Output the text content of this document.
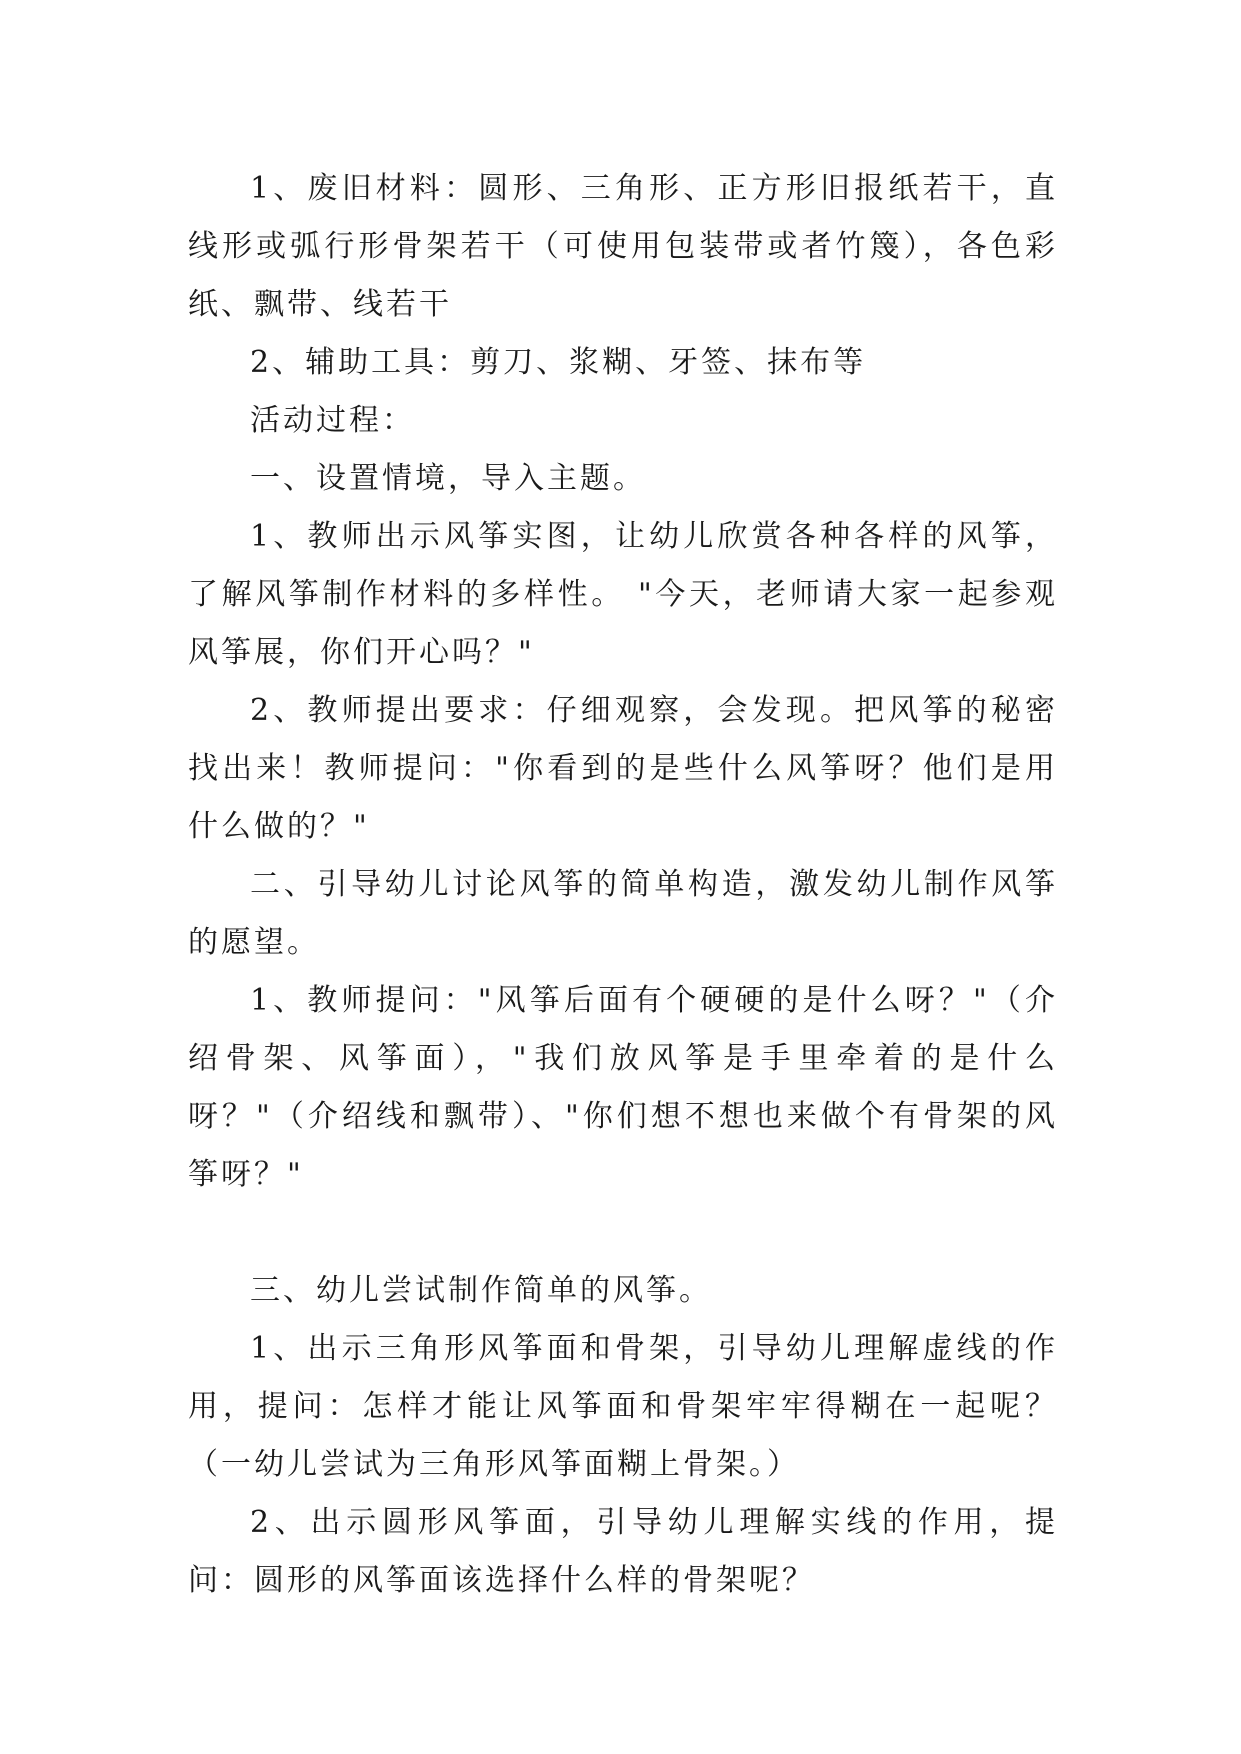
1、废旧材料：圆形、三角形、正方形旧报纸若干，直线形或弧行形骨架若干（可使用包装带或者竹篾），各色彩纸、飘带、线若干

2、辅助工具：剪刀、浆糊、牙签、抹布等

活动过程：

一、设置情境，导入主题。

1、教师出示风筝实图，让幼儿欣赏各种各样的风筝，了解风筝制作材料的多样性。 "今天，老师请大家一起参观风筝展，你们开心吗？"

2、教师提出要求：仔细观察，会发现。把风筝的秘密找出来！教师提问："你看到的是些什么风筝呀？他们是用什么做的？"

二、引导幼儿讨论风筝的简单构造，激发幼儿制作风筝的愿望。

1、教师提问："风筝后面有个硬硬的是什么呀？"（介绍骨架、风筝面），"我们放风筝是手里牵着的是什么呀？"（介绍线和飘带）、"你们想不想也来做个有骨架的风筝呀？"

三、幼儿尝试制作简单的风筝。

1、出示三角形风筝面和骨架，引导幼儿理解虚线的作用，提问：怎样才能让风筝面和骨架牢牢得糊在一起呢？（一幼儿尝试为三角形风筝面糊上骨架。）

2、出示圆形风筝面，引导幼儿理解实线的作用，提问：圆形的风筝面该选择什么样的骨架呢？
